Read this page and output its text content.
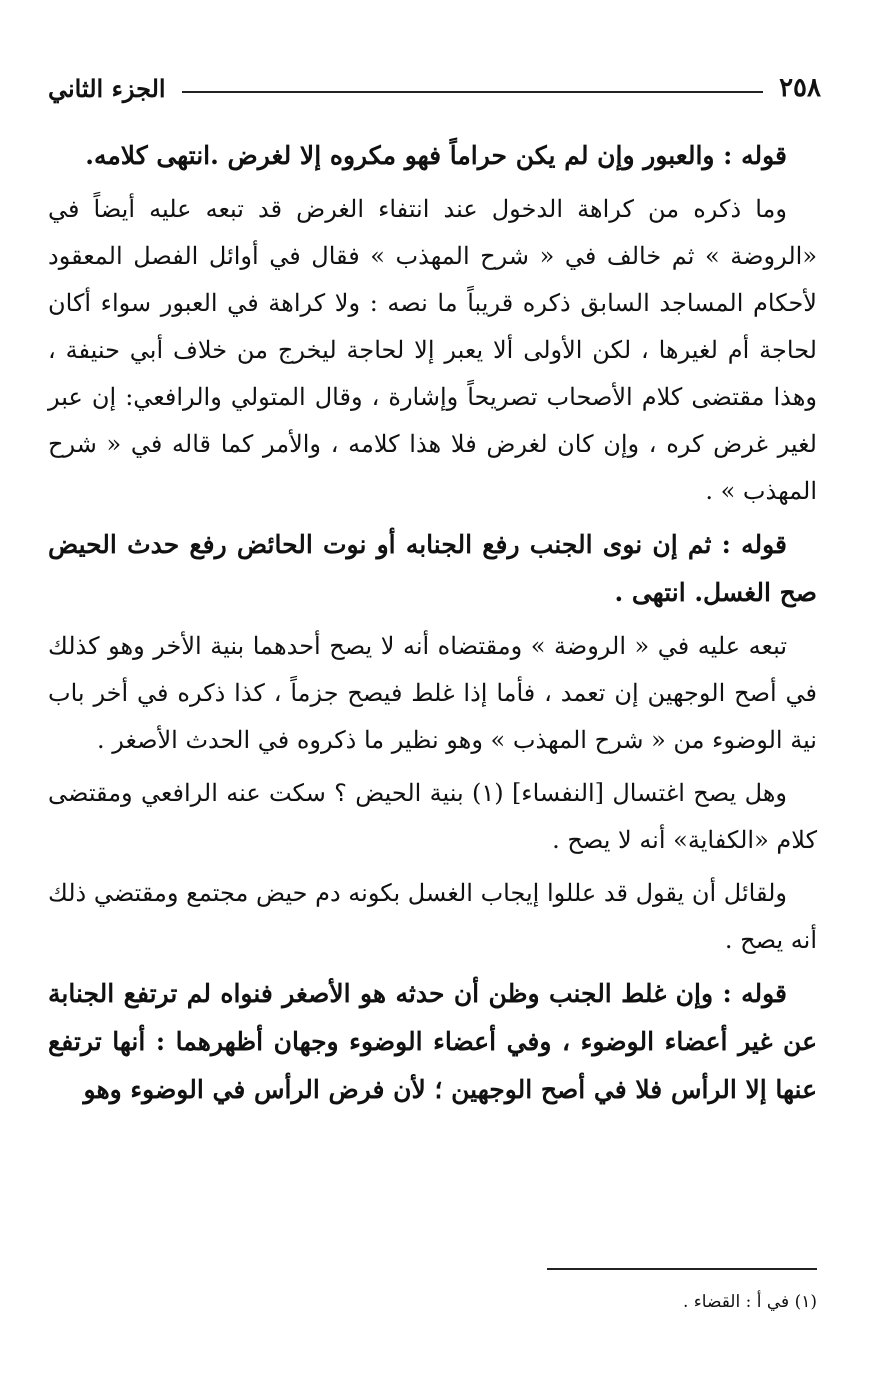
٢٥٨
الجزء الثاني

قوله : والعبور وإن لم يكن حراماً فهو مكروه إلا لغرض .انتهى كلامه.

وما ذكره من كراهة الدخول عند انتفاء الغرض قد تبعه عليه أيضاً في «الروضة » ثم خالف في « شرح المهذب » فقال في أوائل الفصل المعقود لأحكام المساجد السابق ذكره قريباً ما نصه : ولا كراهة في العبور سواء أكان لحاجة أم لغيرها ، لكن الأولى ألا يعبر إلا لحاجة ليخرج من خلاف أبي حنيفة ، وهذا مقتضى كلام الأصحاب تصريحاً وإشارة ، وقال المتولي والرافعي: إن عبر لغير غرض كره ، وإن كان لغرض فلا هذا كلامه ، والأمر كما قاله في « شرح المهذب » .

قوله : ثم إن نوى الجنب رفع الجنابه أو نوت الحائض رفع حدث الحيض صح الغسل. انتهى .

تبعه عليه في « الروضة » ومقتضاه أنه لا يصح أحدهما بنية الأخر وهو كذلك في أصح الوجهين إن تعمد ، فأما إذا غلط فيصح جزماً ، كذا ذكره في أخر باب نية الوضوء من « شرح المهذب » وهو نظير ما ذكروه في الحدث الأصغر .

وهل يصح اغتسال [النفساء] (١) بنية الحيض ؟ سكت عنه الرافعي ومقتضى كلام «الكفاية» أنه لا يصح .

ولقائل أن يقول قد عللوا إيجاب الغسل بكونه دم حيض مجتمع ومقتضي ذلك أنه يصح .

قوله : وإن غلط الجنب وظن أن حدثه هو الأصغر فنواه لم ترتفع الجنابة عن غير أعضاء الوضوء ، وفي أعضاء الوضوء وجهان أظهرهما : أنها ترتفع عنها إلا الرأس فلا في أصح الوجهين ؛ لأن فرض الرأس في الوضوء وهو

(١) في أ : القضاء .
